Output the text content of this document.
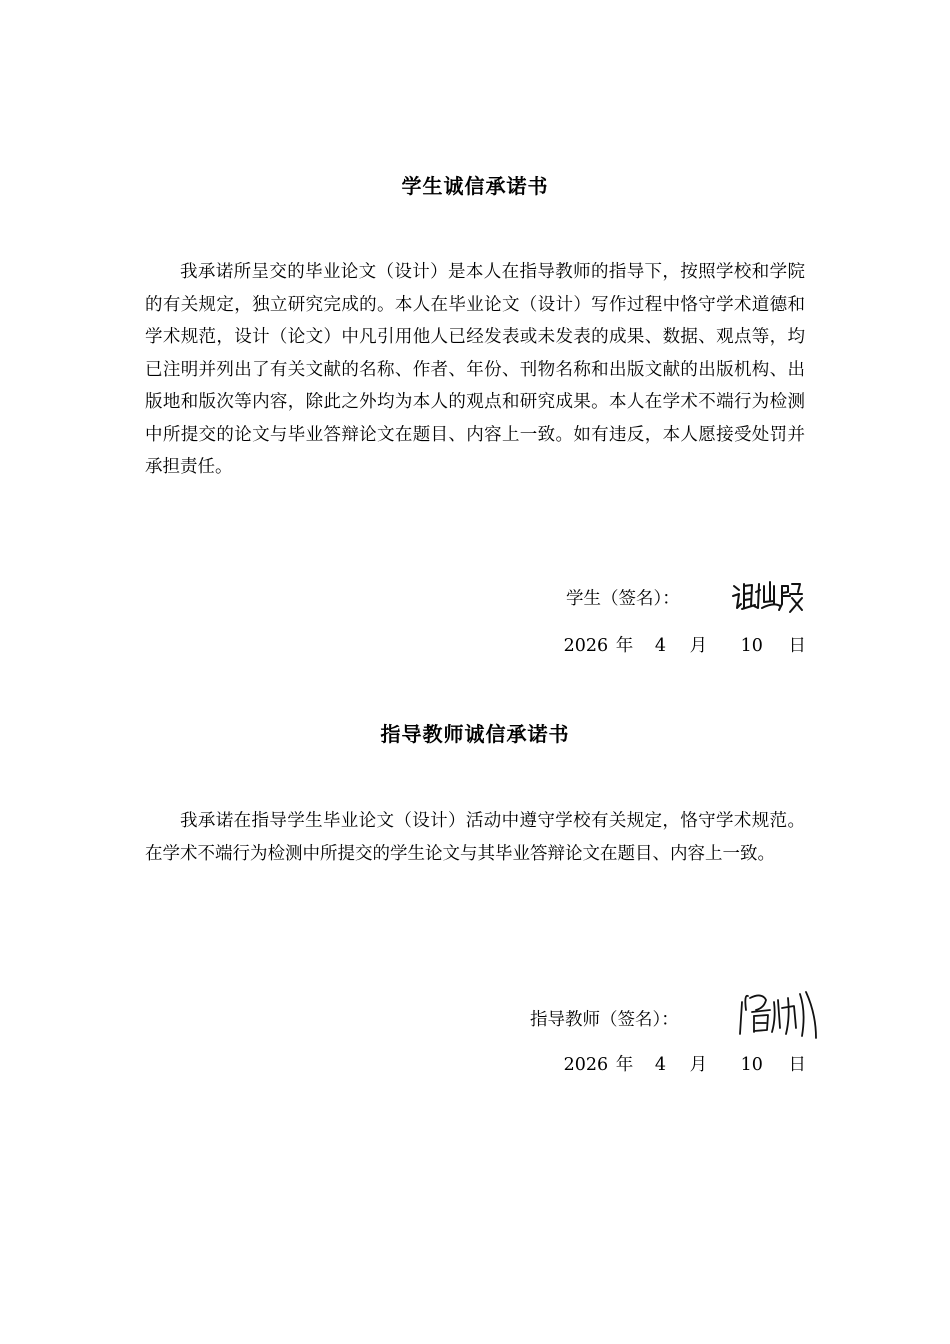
学生诚信承诺书
我承诺所呈交的毕业论文（设计）是本人在指导教师的指导下，按照学校和学院的有关规定，独立研究完成的。本人在毕业论文（设计）写作过程中恪守学术道德和学术规范，设计（论文）中凡引用他人已经发表或未发表的成果、数据、观点等，均已注明并列出了有关文献的名称、作者、年份、刊物名称和出版文献的出版机构、出版地和版次等内容，除此之外均为本人的观点和研究成果。本人在学术不端行为检测中所提交的论文与毕业答辩论文在题目、内容上一致。如有违反，本人愿接受处罚并承担责任。
学生（签名）：
2026 年 4 月 10 日
指导教师诚信承诺书
我承诺在指导学生毕业论文（设计）活动中遵守学校有关规定，恪守学术规范。在学术不端行为检测中所提交的学生论文与其毕业答辩论文在题目、内容上一致。
指导教师（签名）：
2026 年 4 月 10 日
